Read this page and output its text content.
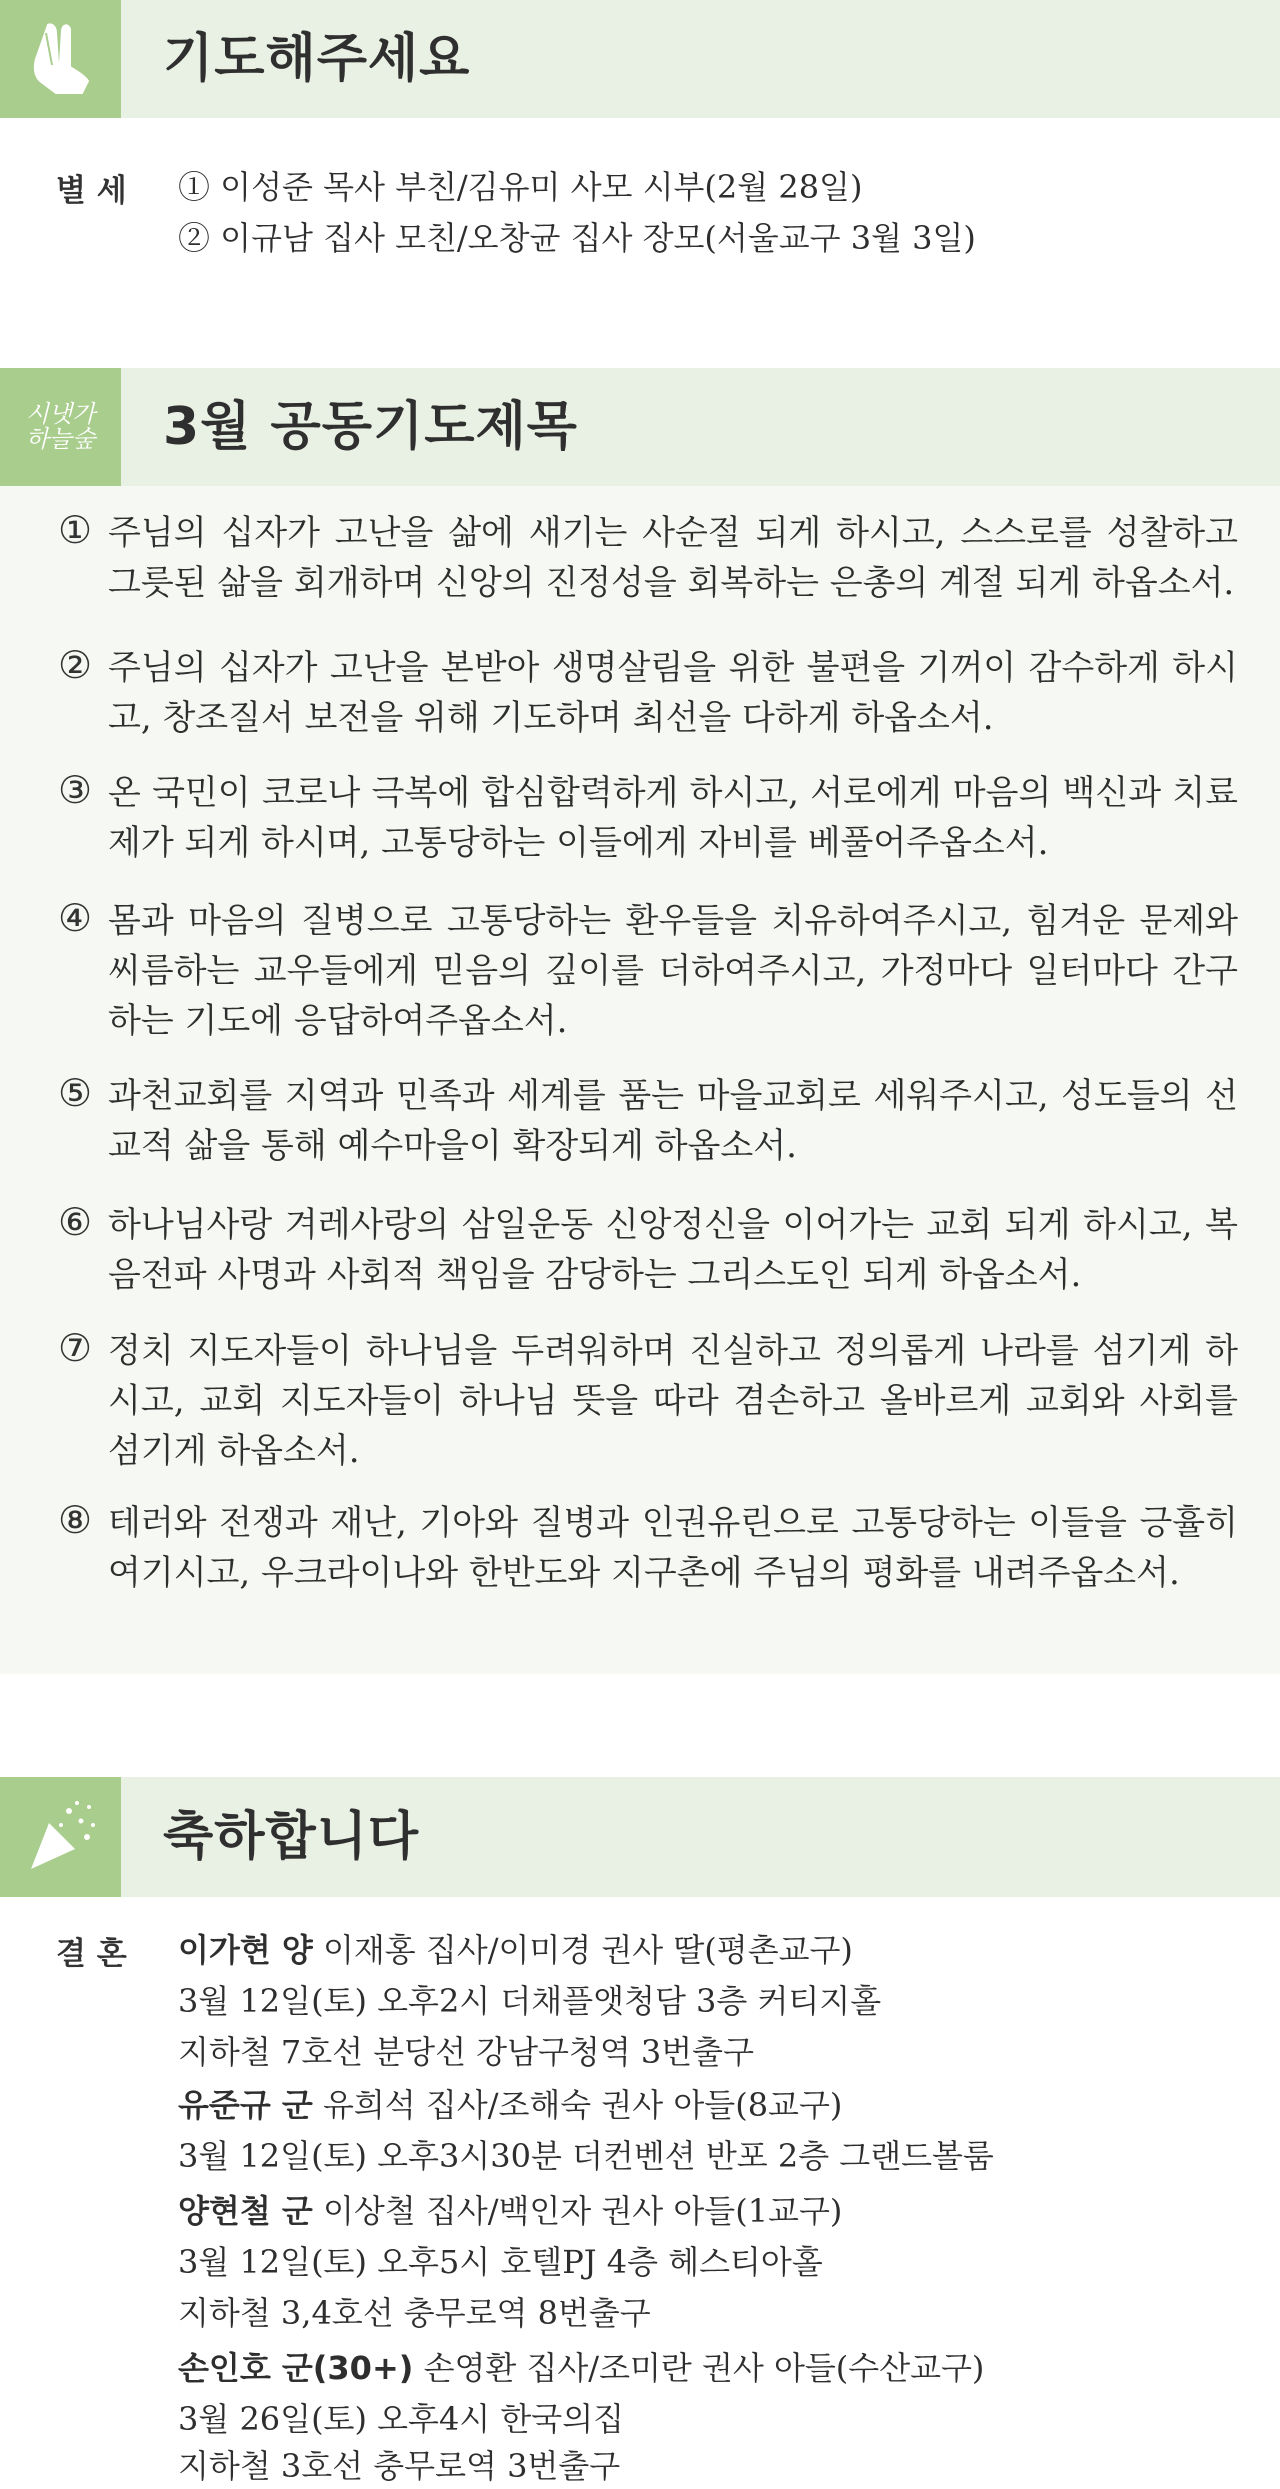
기도해주세요
별 세 ① 이성준 목사 부친/김유미 사모 시부(2월 28일)
② 이규남 집사 모친/오창균 집사 장모(서울교구 3월 3일)
시냇가
하늘숲 3월 공동기도제목
① 주님의 십자가 고난을 삶에 새기는 사순절 되게 하시고, 스스로를 성찰하고 그릇된 삶을 회개하며 신앙의 진정성을 회복하는 은총의 계절 되게 하옵소서.
② 주님의 십자가 고난을 본받아 생명살림을 위한 불편을 기꺼이 감수하게 하시고, 창조질서 보전을 위해 기도하며 최선을 다하게 하옵소서.
③ 온 국민이 코로나 극복에 합심합력하게 하시고, 서로에게 마음의 백신과 치료제가 되게 하시며, 고통당하는 이들에게 자비를 베풀어주옵소서.
④ 몸과 마음의 질병으로 고통당하는 환우들을 치유하여주시고, 힘겨운 문제와 씨름하는 교우들에게 믿음의 깊이를 더하여주시고, 가정마다 일터마다 간구하는 기도에 응답하여주옵소서.
⑤ 과천교회를 지역과 민족과 세계를 품는 마을교회로 세워주시고, 성도들의 선교적 삶을 통해 예수마을이 확장되게 하옵소서.
⑥ 하나님사랑 겨레사랑의 삼일운동 신앙정신을 이어가는 교회 되게 하시고, 복음전파 사명과 사회적 책임을 감당하는 그리스도인 되게 하옵소서.
⑦ 정치 지도자들이 하나님을 두려워하며 진실하고 정의롭게 나라를 섬기게 하시고, 교회 지도자들이 하나님 뜻을 따라 겸손하고 올바르게 교회와 사회를 섬기게 하옵소서.
⑧ 테러와 전쟁과 재난, 기아와 질병과 인권유린으로 고통당하는 이들을 긍휼히 여기시고, 우크라이나와 한반도와 지구촌에 주님의 평화를 내려주옵소서.
축하합니다
결 혼 이가현 양 이재홍 집사/이미경 권사 딸(평촌교구)
3월 12일(토) 오후2시 더채플앳청담 3층 커티지홀
지하철 7호선 분당선 강남구청역 3번출구
유준규 군 유희석 집사/조해숙 권사 아들(8교구)
3월 12일(토) 오후3시30분 더컨벤션 반포 2층 그랜드볼룸
양현철 군 이상철 집사/백인자 권사 아들(1교구)
3월 12일(토) 오후5시 호텔PJ 4층 헤스티아홀
지하철 3,4호선 충무로역 8번출구
손인호 군(30+) 손영환 집사/조미란 권사 아들(수산교구)
3월 26일(토) 오후4시 한국의집
지하철 3호선 충무로역 3번출구
